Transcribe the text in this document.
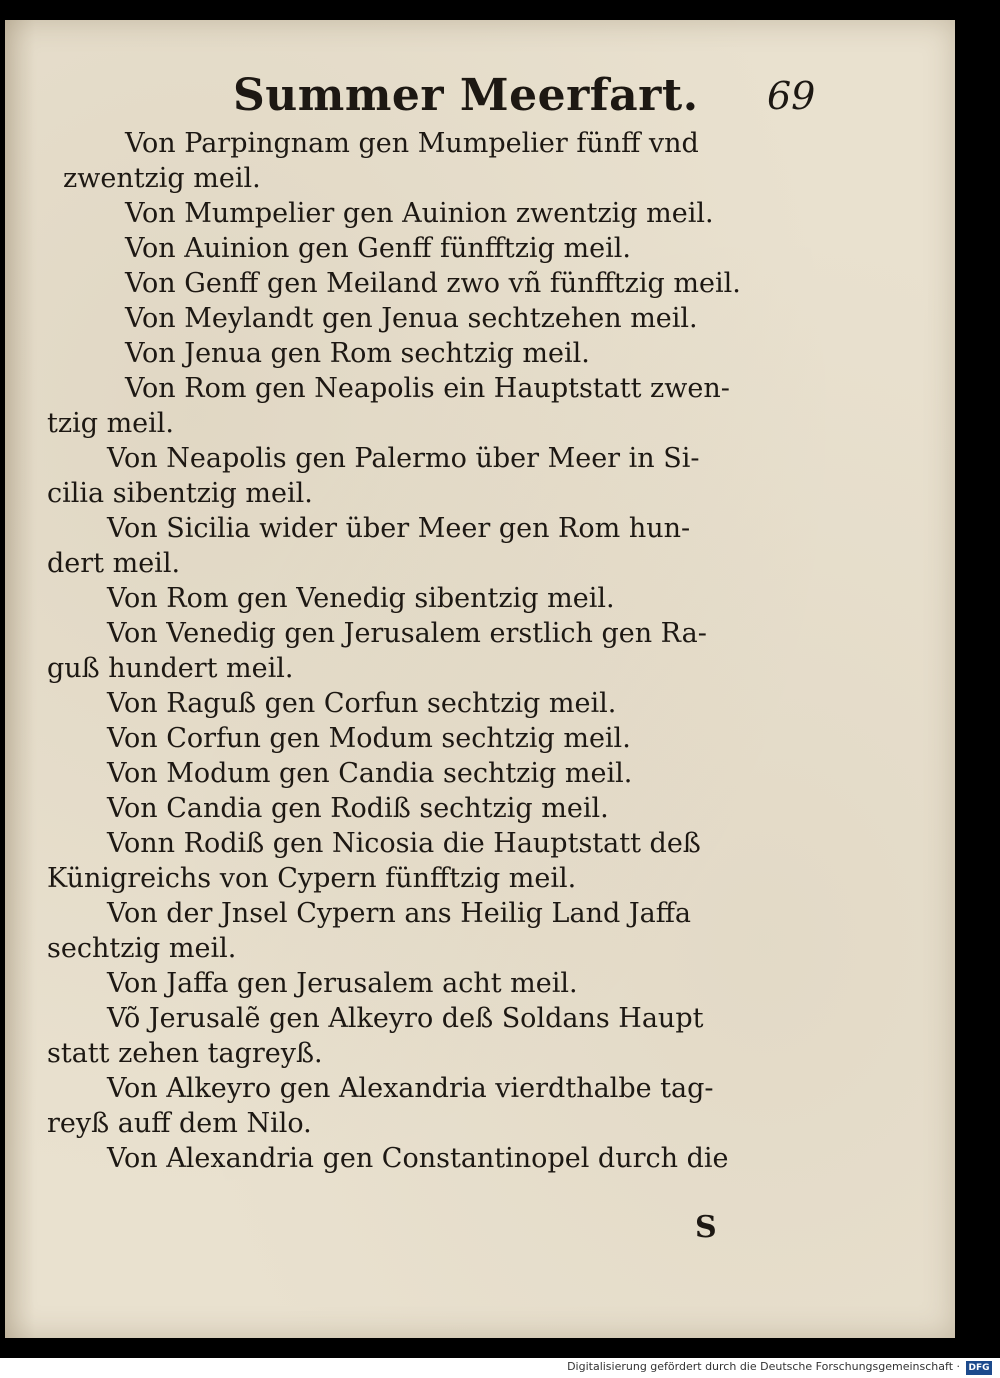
Summer Meerfart. 69
Von Parpingnam gen Mumpelier fünff vnd
zwentzig meil.
Von Mumpelier gen Auinion zwentzig meil.
Von Auinion gen Genff fünfftzig meil.
Von Genff gen Meiland zwo vñ fünfftzig meil.
Von Meylandt gen Jenua sechtzehen meil.
Von Jenua gen Rom sechtzig meil.
Von Rom gen Neapolis ein Hauptstatt zwen-
tzig meil.
Von Neapolis gen Palermo über Meer in Si-
cilia sibentzig meil.
Von Sicilia wider über Meer gen Rom hun-
dert meil.
Von Rom gen Venedig sibentzig meil.
Von Venedig gen Jerusalem erstlich gen Ra-
guß hundert meil.
Von Raguß gen Corfun sechtzig meil.
Von Corfun gen Modum sechtzig meil.
Von Modum gen Candia sechtzig meil.
Von Candia gen Rodiß sechtzig meil.
Vonn Rodiß gen Nicosia die Hauptstatt deß
Künigreichs von Cypern fünfftzig meil.
Von der Jnsel Cypern ans Heilig Land Jaffa
sechtzig meil.
Von Jaffa gen Jerusalem acht meil.
Võ Jerusalẽ gen Alkeyro deß Soldans Haupt
statt zehen tagreyß.
Von Alkeyro gen Alexandria vierdthalbe tag-
reyß auff dem Nilo.
Von Alexandria gen Constantinopel durch die
S
Digitalisierung gefördert durch die Deutsche Forschungsgemeinschaft · DFG
